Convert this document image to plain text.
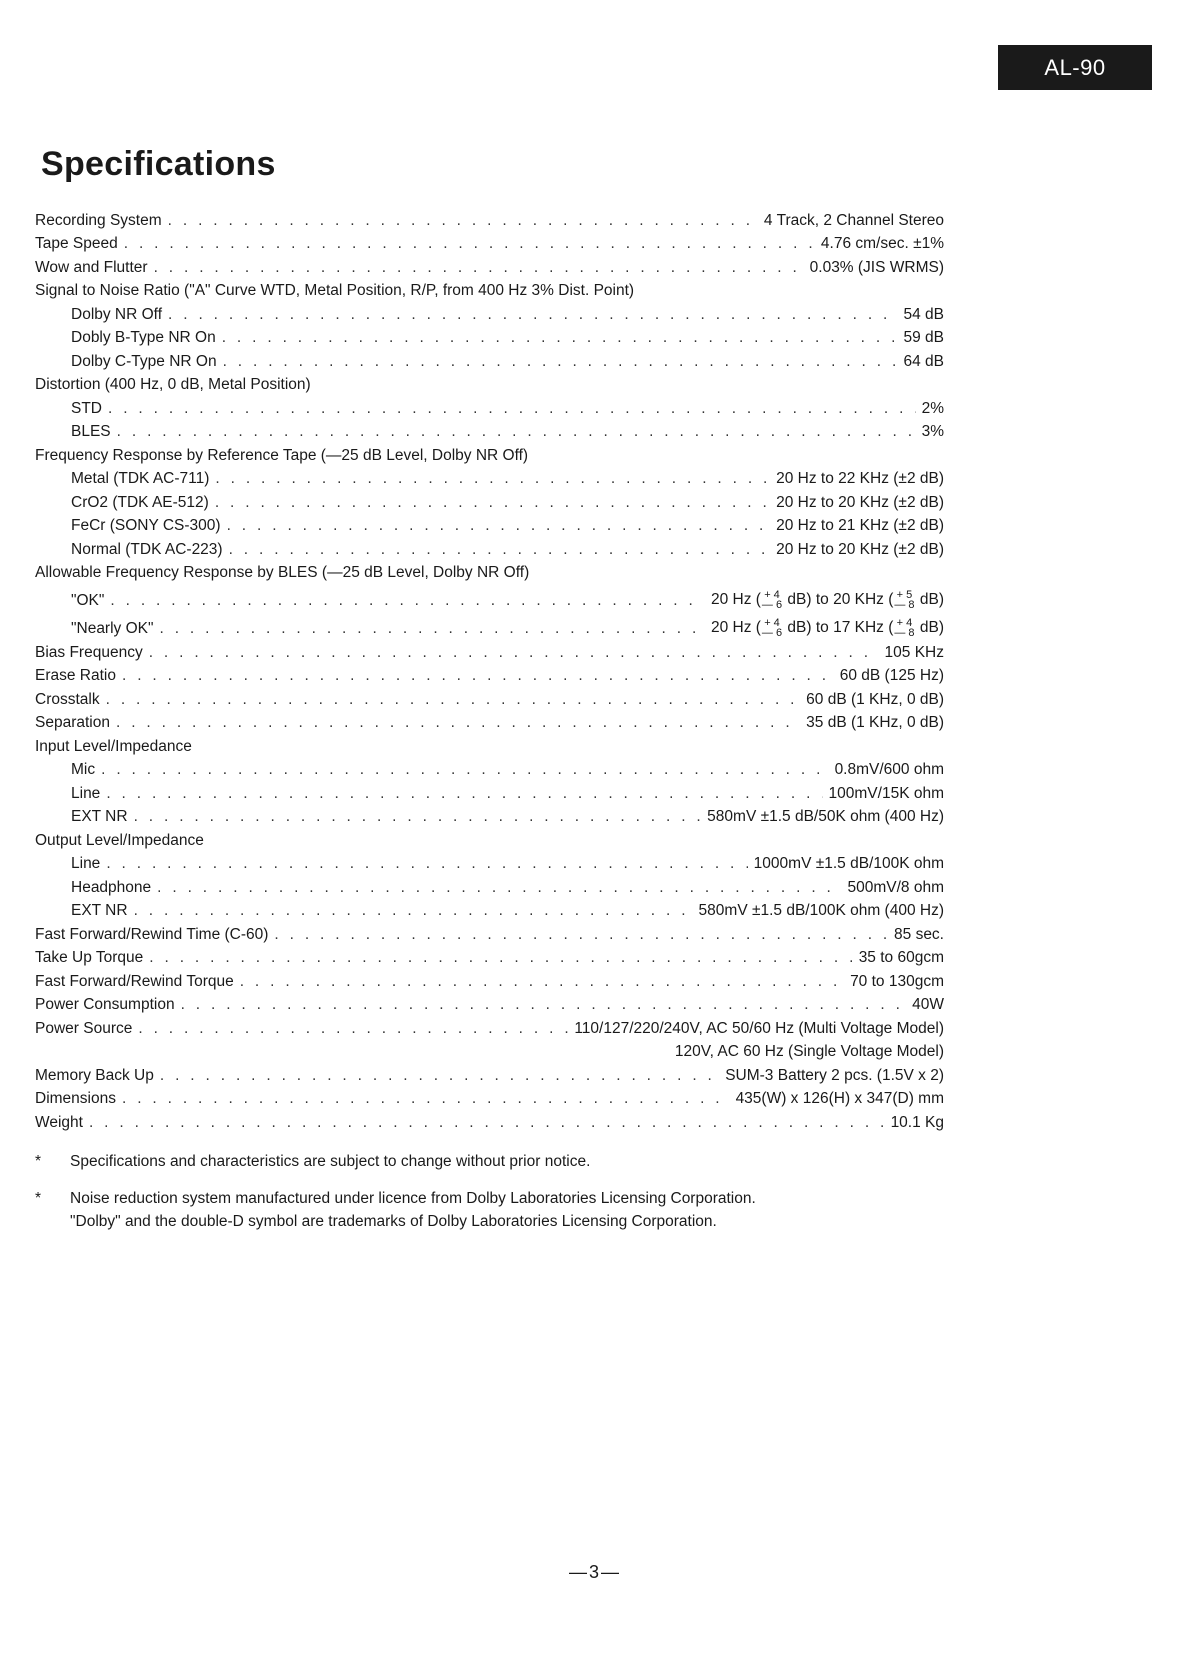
AL-90
Specifications
Recording System . . .	4 Track, 2 Channel Stereo
Tape Speed . . .	4.76 cm/sec. ±1%
Wow and Flutter . . .	0.03% (JIS WRMS)
Signal to Noise Ratio ("A" Curve WTD, Metal Position, R/P, from 400 Hz 3% Dist. Point)
Dolby NR Off . . .	54 dB
Dobly B-Type NR On . . .	59 dB
Dolby C-Type NR On . . .	64 dB
Distortion (400 Hz, 0 dB, Metal Position)
STD . . .	2%
BLES . . .	3%
Frequency Response by Reference Tape (—25 dB Level, Dolby NR Off)
Metal (TDK AC-711) . . .	20 Hz to 22 KHz (±2 dB)
CrO2 (TDK AE-512) . . .	20 Hz to 20 KHz (±2 dB)
FeCr (SONY CS-300) . . .	20 Hz to 21 KHz (±2 dB)
Normal (TDK AC-223) . . .	20 Hz to 20 KHz (±2 dB)
Allowable Frequency Response by BLES (—25 dB Level, Dolby NR Off)
"OK" . . .	20 Hz ( + 4
— 6 dB) to 20 KHz ( + 5
— 8 dB)
"Nearly OK" . . .	20 Hz ( + 4
— 6 dB) to 17 KHz ( + 4
— 8 dB)
Bias Frequency . . .	105 KHz
Erase Ratio . . .	60 dB (125 Hz)
Crosstalk . . .	60 dB (1 KHz, 0 dB)
Separation . . .	35 dB (1 KHz, 0 dB)
Input Level/Impedance
Mic . . .	0.8mV/600 ohm
Line . . .	100mV/15K ohm
EXT NR . . .	580mV ±1.5 dB/50K ohm (400 Hz)
Output Level/Impedance
Line . . .	1000mV ±1.5 dB/100K ohm
Headphone . . .	500mV/8 ohm
EXT NR . . .	580mV ±1.5 dB/100K ohm (400 Hz)
Fast Forward/Rewind Time (C-60) . . .	85 sec.
Take Up Torque . . .	35 to 60gcm
Fast Forward/Rewind Torque . . .	70 to 130gcm
Power Consumption . . .	40W
Power Source . . .	110/127/220/240V, AC 50/60 Hz (Multi Voltage Model)
120V, AC 60 Hz (Single Voltage Model)
Memory Back Up . . .	SUM-3 Battery 2 pcs. (1.5V x 2)
Dimensions . . .	435(W) x 126(H) x 347(D) mm
Weight . . .	10.1 Kg
*	Specifications and characteristics are subject to change without prior notice.
*	Noise reduction system manufactured under licence from Dolby Laboratories Licensing Corporation.
"Dolby" and the double-D symbol are trademarks of Dolby Laboratories Licensing Corporation.
—3—
